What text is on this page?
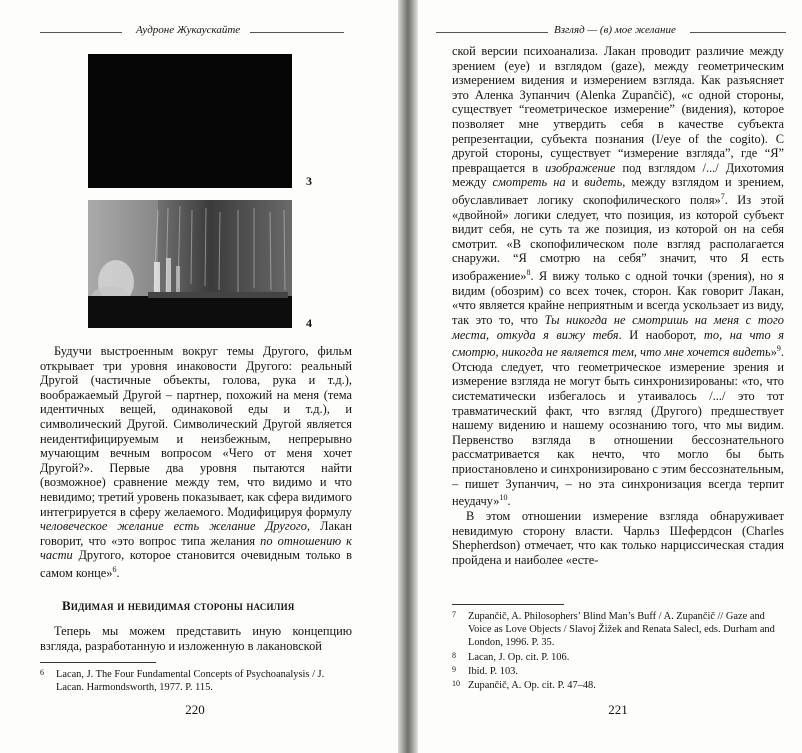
Аудроне Жукаускайте
3
4

Будучи выстроенным вокруг темы Другого, фильм открывает три уровня инаковости Другого: реальный Другой (частичные объекты, голова, рука и т.д.), воображаемый Другой – партнер, похожий на меня (тема идентичных вещей, одинаковой еды и т.д.), и символический Другой. Символический Другой является неидентифицируемым и неизбежным, непрерывно мучающим вечным вопросом «Чего от меня хочет Другой?». Первые два уровня пытаются найти (возможное) сравнение между тем, что видимо и что невидимо; третий уровень показывает, как сфера видимого интегрируется в сферу желаемого. Модифицируя формулу человеческое желание есть желание Другого, Лакан говорит, что «это вопрос типа желания по отношению к части Другого, которое становится очевидным только в самом конце»$^6$.

Видимая и невидимая стороны насилия

Теперь мы можем представить иную концепцию взгляда, разработанную и изложенную в лакановской

6	Lacan, J. The Four Fundamental Concepts of Psychoanalysis / J. Lacan. Harmondsworth, 1977. P. 115.
220
Взгляд — (в) мое желание

ской версии психоанализа. Лакан проводит различие между зрением (eye) и взглядом (gaze), между геометрическим измерением видения и измерением взгляда. Как разъясняет это Аленка Зупанчич (Alenka Zupančič), «с одной стороны, существует “геометрическое измерение” (видения), которое позволяет мне утвердить себя в качестве субъекта репрезентации, субъекта познания (I/eye of the cogito). С другой стороны, существует “измерение взгляда”, где “Я” превращается в изображение под взглядом /.../ Дихотомия между смотреть на и видеть, между взглядом и зрением, обуславливает логику скопофилического поля»$^7$. Из этой «двойной» логики следует, что позиция, из которой субъект видит себя, не суть та же позиция, из которой он на себя смотрит. «В скопофилическом поле взгляд располагается снаружи. “Я смотрю на себя” значит, что Я есть изображение»$^8$. Я вижу только с одной точки (зрения), но я видим (обозрим) со всех точек, сторон. Как говорит Лакан, «что является крайне неприятным и всегда ускользает из виду, так это то, что Ты никогда не смотришь на меня с того места, откуда я вижу тебя. И наоборот, то, на что я смотрю, никогда не является тем, что мне хочется видеть»$^9$. Отсюда следует, что геометрическое измерение зрения и измерение взгляда не могут быть синхронизированы: «то, что систематически избегалось и утаивалось /.../ это тот травматический факт, что взгляд (Другого) предшествует нашему видению и нашему осознанию того, что мы видим. Первенство взгляда в отношении бессознательного рассматривается как нечто, что могло бы быть приостановлено и синхронизировано с этим бессознательным, – пишет Зупанчич, – но эта синхронизация всегда терпит неудачу»$^{10}$.

В этом отношении измерение взгляда обнаруживает невидимую сторону власти. Чарльз Шефердсон (Charles Shepherdson) отмечает, что как только нарциссическая стадия пройдена и наиболее «есте-

7	Zupančič, A. Philosophers’ Blind Man’s Buff / A. Zupančič // Gaze and Voice as Love Objects / Slavoj Žižek and Renata Salecl, eds. Durham and London, 1996. P. 35.
8	Lacan, J. Op. cit. P. 106.
9	Ibid. P. 103.
10 Zupančič, A. Op. cit. P. 47–48.
221
